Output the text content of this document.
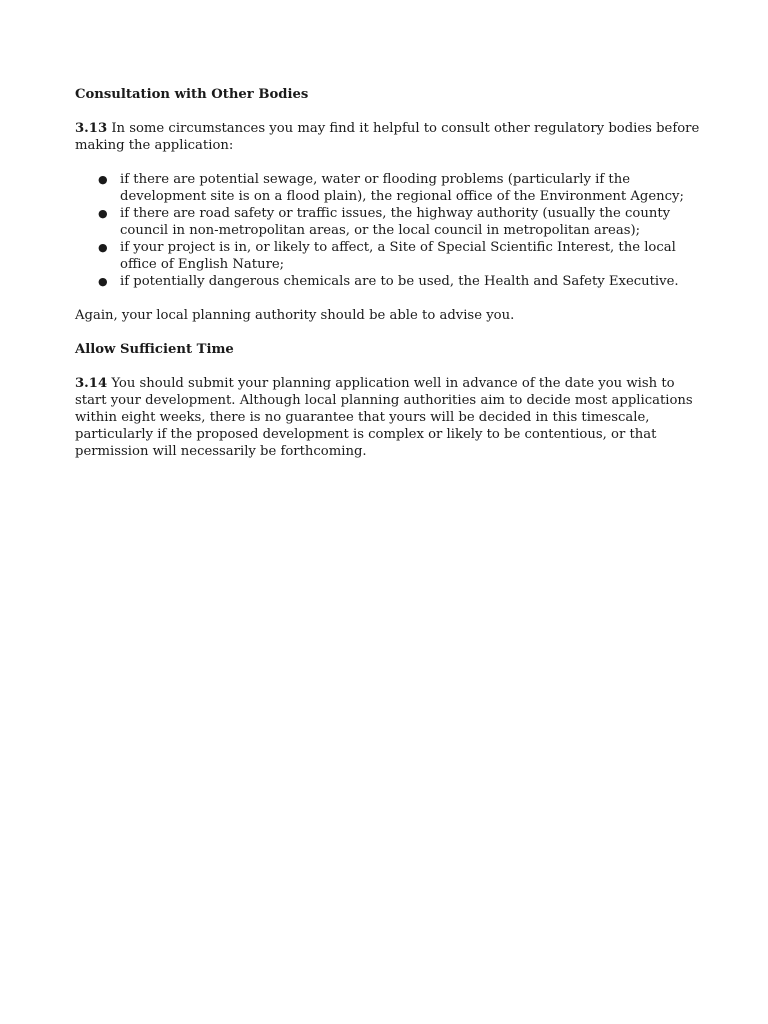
Consultation with Other Bodies

3.13 In some circumstances you may find it helpful to consult other regulatory bodies before making the application:

● if there are potential sewage, water or flooding problems (particularly if the development site is on a flood plain), the regional office of the Environment Agency;
● if there are road safety or traffic issues, the highway authority (usually the county council in non-metropolitan areas, or the local council in metropolitan areas);
● if your project is in, or likely to affect, a Site of Special Scientific Interest, the local office of English Nature;
● if potentially dangerous chemicals are to be used, the Health and Safety Executive.

Again, your local planning authority should be able to advise you.

Allow Sufficient Time

3.14 You should submit your planning application well in advance of the date you wish to start your development. Although local planning authorities aim to decide most applications within eight weeks, there is no guarantee that yours will be decided in this timescale, particularly if the proposed development is complex or likely to be contentious, or that permission will necessarily be forthcoming.
